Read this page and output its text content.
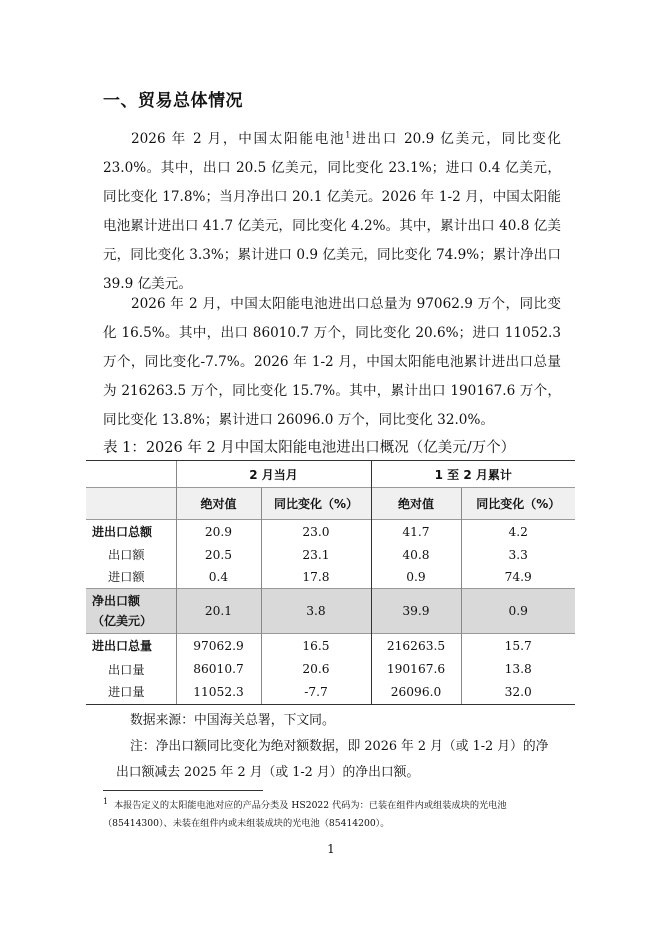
一、贸易总体情况
2026 年 2 月，中国太阳能电池$^1$进出口 20.9 亿美元，同比变化 23.0%。其中，出口 20.5 亿美元，同比变化 23.1%；进口 0.4 亿美元，同比变化 17.8%；当月净出口 20.1 亿美元。2026 年 1-2 月，中国太阳能电池累计进出口 41.7 亿美元，同比变化 4.2%。其中，累计出口 40.8 亿美元，同比变化 3.3%；累计进口 0.9 亿美元，同比变化 74.9%；累计净出口 39.9 亿美元。
2026 年 2 月，中国太阳能电池进出口总量为 97062.9 万个，同比变化 16.5%。其中，出口 86010.7 万个，同比变化 20.6%；进口 11052.3 万个，同比变化-7.7%。2026 年 1-2 月，中国太阳能电池累计进出口总量为 216263.5 万个，同比变化 15.7%。其中，累计出口 190167.6 万个，同比变化 13.8%；累计进口 26096.0 万个，同比变化 32.0%。
表 1：2026 年 2 月中国太阳能电池进出口概况（亿美元/万个）
	2 月当月		1 至 2 月累计	
	绝对值	同比变化（%）	绝对值	同比变化（%）
进出口总额	20.9	23.0	41.7	4.2
出口额	20.5	23.1	40.8	3.3
进口额	0.4	17.8	0.9	74.9

净出口额
（亿美元）	20.1	3.8	39.9	0.9
进出口总量	97062.9	16.5	216263.5	15.7
出口量	86010.7	20.6	190167.6	13.8
进口量	11052.3	-7.7	26096.0	32.0
数据来源：中国海关总署，下文同。
注：净出口额同比变化为绝对额数据，即 2026 年 2 月（或 1-2 月）的净出口额减去 2025 年 2 月（或 1-2 月）的净出口额。
$^1$ 本报告定义的太阳能电池对应的产品分类及 HS2022 代码为：已装在组件内或组装成块的光电池（85414300）、未装在组件内或未组装成块的光电池（85414200）。
1
